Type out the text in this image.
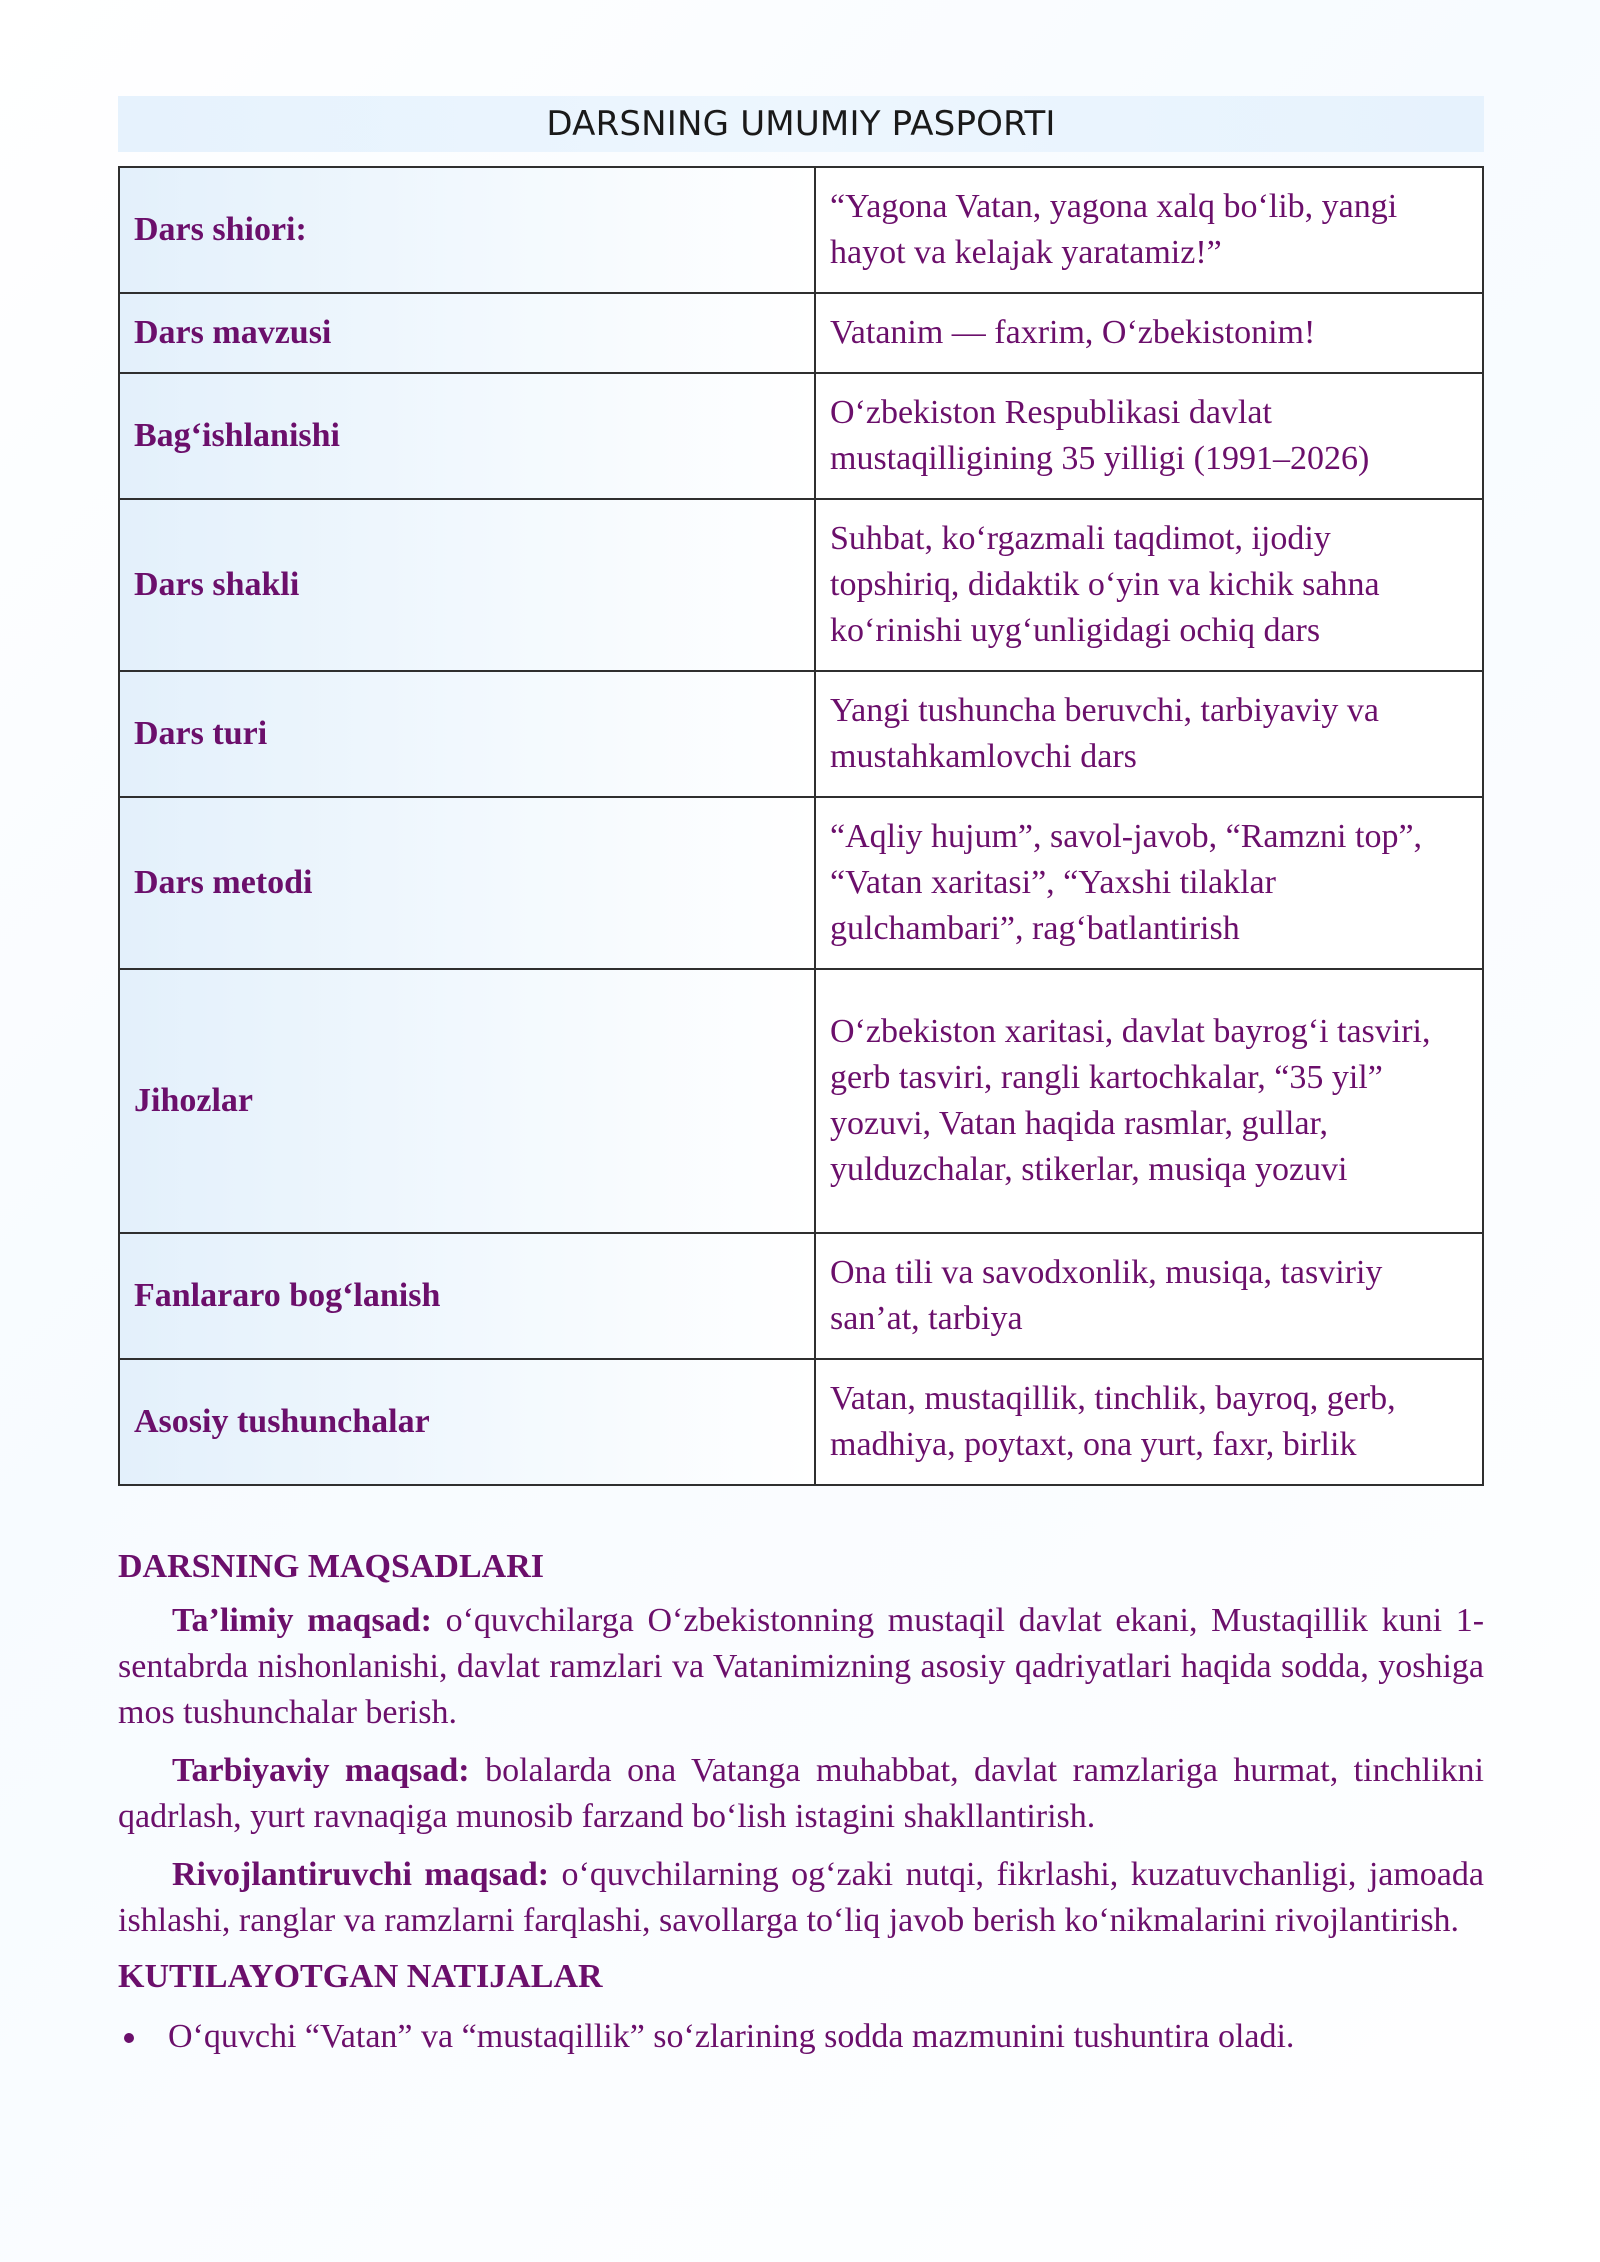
DARSNING UMUMIY PASPORTI
Dars shiori:	“Yagona Vatan, yagona xalq bo‘lib, yangi hayot va kelajak yaratamiz!”
Dars mavzusi	Vatanim — faxrim, O‘zbekistonim!
Bag‘ishlanishi	O‘zbekiston Respublikasi davlat mustaqilligining 35 yilligi (1991–2026)
Dars shakli	Suhbat, ko‘rgazmali taqdimot, ijodiy topshiriq, didaktik o‘yin va kichik sahna ko‘rinishi uyg‘unligidagi ochiq dars
Dars turi	Yangi tushuncha beruvchi, tarbiyaviy va mustahkamlovchi dars
Dars metodi	“Aqliy hujum”, savol-javob, “Ramzni top”, “Vatan xaritasi”, “Yaxshi tilaklar gulchambari”, rag‘batlantirish
Jihozlar	O‘zbekiston xaritasi, davlat bayrog‘i tasviri, gerb tasviri, rangli kartochkalar, “35 yil” yozuvi, Vatan haqida rasmlar, gullar, yulduzchalar, stikerlar, musiqa yozuvi
Fanlararo bog‘lanish	Ona tili va savodxonlik, musiqa, tasviriy san’at, tarbiya
Asosiy tushunchalar	Vatan, mustaqillik, tinchlik, bayroq, gerb, madhiya, poytaxt, ona yurt, faxr, birlik
DARSNING MAQSADLARI

Ta’limiy maqsad: o‘quvchilarga O‘zbekistonning mustaqil davlat ekani, Mustaqillik kuni 1-sentabrda nishonlanishi, davlat ramzlari va Vatanimizning asosiy qadriyatlari haqida sodda, yoshiga mos tushunchalar berish.

Tarbiyaviy maqsad: bolalarda ona Vatanga muhabbat, davlat ramzlariga hurmat, tinchlikni qadrlash, yurt ravnaqiga munosib farzand bo‘lish istagini shakllantirish.

Rivojlantiruvchi maqsad: o‘quvchilarning og‘zaki nutqi, fikrlashi, kuzatuvchanligi, jamoada ishlashi, ranglar va ramzlarni farqlashi, savollarga to‘liq javob berish ko‘nikmalarini rivojlantirish.

KUTILAYOTGAN NATIJALAR
O‘quvchi “Vatan” va “mustaqillik” so‘zlarining sodda mazmunini tushuntira oladi.
